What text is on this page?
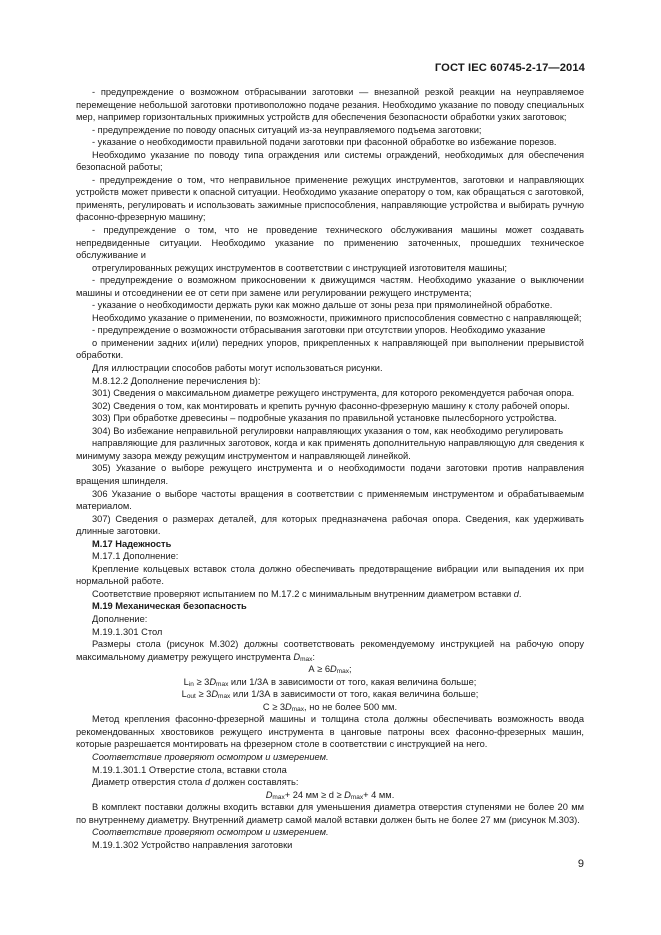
ГОСТ IEC 60745-2-17—2014

- предупреждение о возможном отбрасывании заготовки — внезапной резкой реакции на неуправляемое перемещение небольшой заготовки противоположно подаче резания. Необходимо указание по поводу специальных мер, например горизонтальных прижимных устройств для обеспечения безопасности обработки узких заготовок;

- предупреждение по поводу опасных ситуаций из-за неуправляемого подъема заготовки;

- указание о необходимости правильной подачи заготовки при фасонной обработке во избежание порезов.

Необходимо указание по поводу типа ограждения или системы ограждений, необходимых для обеспечения безопасной работы;

- предупреждение о том, что неправильное применение режущих инструментов, заготовки и направляющих устройств может привести к опасной ситуации. Необходимо указание оператору о том, как обращаться с заготовкой, применять, регулировать и использовать зажимные приспособления, направляющие устройства и выбирать ручную фасонно-фрезерную машину;

- предупреждение о том, что не проведение технического обслуживания машины может создавать непредвиденные ситуации. Необходимо указание по применению заточенных, прошедших техническое обслуживание и

отрегулированных режущих инструментов в соответствии с инструкцией изготовителя машины;

- предупреждение о возможном прикосновении к движущимся частям. Необходимо указание о выключении машины и отсоединении ее от сети при замене или регулировании режущего инструмента;

- указание о необходимости держать руки как можно дальше от зоны реза при прямолинейной обработке.

Необходимо указание о применении, по возможности, прижимного приспособления совместно с направляющей;

- предупреждение о возможности отбрасывания заготовки при отсутствии упоров. Необходимо указание

о применении задних и(или) передних упоров, прикрепленных к направляющей при выполнении прерывистой обработки.

Для иллюстрации способов работы могут использоваться рисунки.

М.8.12.2 Дополнение перечисления b):

301) Сведения о максимальном диаметре режущего инструмента, для которого рекомендуется рабочая опора.

302) Сведения о том, как монтировать и крепить ручную фасонно-фрезерную машину к столу рабочей опоры.

303) При обработке древесины – подробные указания по правильной установке пылесборного устройства.

304) Во избежание неправильной регулировки направляющих указания о том, как необходимо регулировать

направляющие для различных заготовок, когда и как применять дополнительную направляющую для сведения к минимуму зазора между режущим инструментом и направляющей линейкой.

305) Указание о выборе режущего инструмента и о необходимости подачи заготовки против направления вращения шпинделя.

306 Указание о выборе частоты вращения в соответствии с применяемым инструментом и обрабатываемым материалом.

307) Сведения о размерах деталей, для которых предназначена рабочая опора. Сведения, как удерживать длинные заготовки.

М.17 Надежность

М.17.1 Дополнение:

Крепление кольцевых вставок стола должно обеспечивать предотвращение вибрации или выпадения их при нормальной работе.

Соответствие проверяют испытанием по М.17.2 с минимальным внутренним диаметром вставки d.

М.19 Механическая безопасность

Дополнение:

М.19.1.301 Стол

Размеры стола (рисунок М.302) должны соответствовать рекомендуемому инструкцией на рабочую опору максимальному диаметру режущего инструмента $D_{max}$:

$А \ge 6D_{max}$;

$L_{in} \ge 3D_{max}$ или 1/3А в зависимости от того, какая величина больше;

$L_{out} \ge 3D_{max}$ или 1/3А в зависимости от того, какая величина больше;

$C \ge 3D_{max}$, но не более 500 мм.

Метод крепления фасонно-фрезерной машины и толщина стола должны обеспечивать возможность ввода рекомендованных хвостовиков режущего инструмента в цанговые патроны всех фасонно-фрезерных машин, которые разрешается монтировать на фрезерном столе в соответствии с инструкцией на него.

Соответствие проверяют осмотром и измерением.

М.19.1.301.1 Отверстие стола, вставки стола

Диаметр отверстия стола d должен составлять:

$D_{max}+ 24$ мм ≥ $d \ge D_{max}+ 4$ мм.

В комплект поставки должны входить вставки для уменьшения диаметра отверстия ступенями не более 20 мм по внутреннему диаметру. Внутренний диаметр самой малой вставки должен быть не более 27 мм (рисунок М.303).

Соответствие проверяют осмотром и измерением.

М.19.1.302 Устройство направления заготовки

9
